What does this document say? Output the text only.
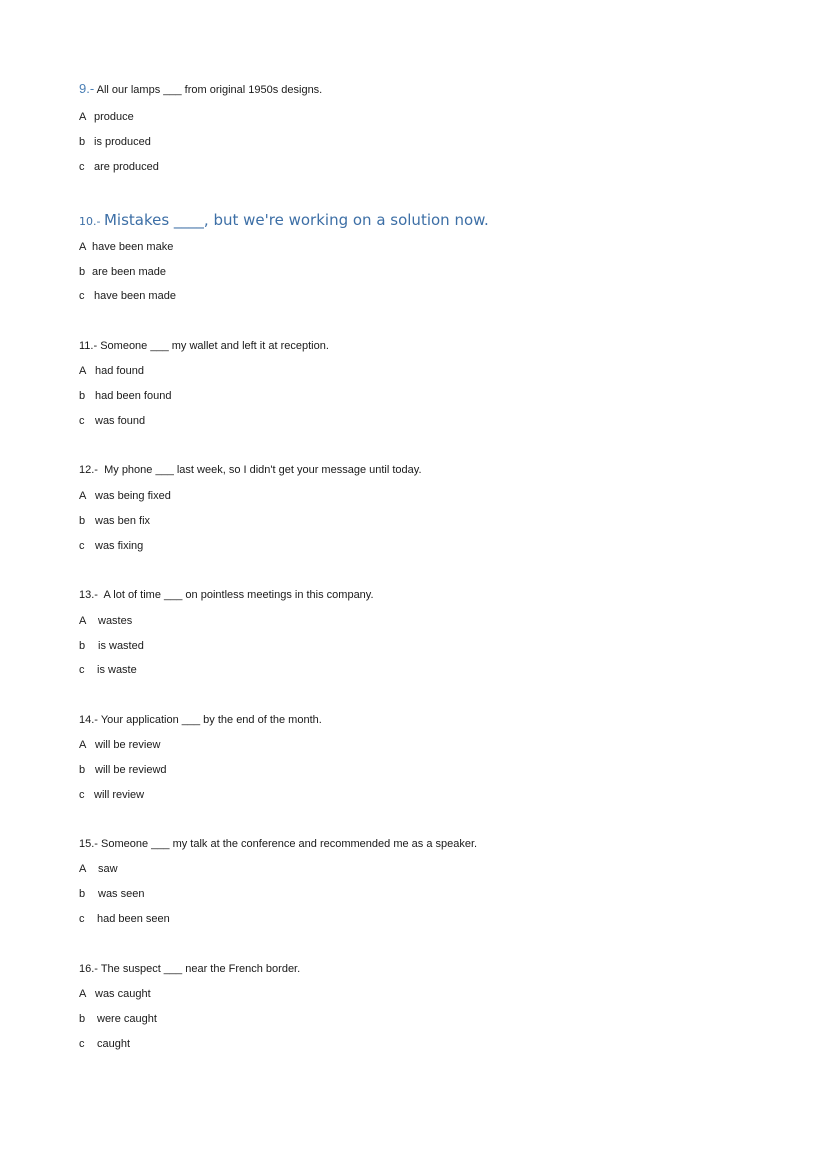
9.- All our lamps ___ from original 1950s designs.
A produce
b is produced
c are produced
10.- Mistakes ____, but we're working on a solution now.
A have been make
b are been made
c have been made
11.- Someone ___ my wallet and left it at reception.
A had found
b had been found
c was found
12.- My phone ___ last week, so I didn't get your message until today.
A was being fixed
b was ben fix
c was fixing
13.- A lot of time ___ on pointless meetings in this company.
A wastes
b is wasted
c is waste
14.- Your application ___ by the end of the month.
A will be review
b will be reviewd
c will review
15.- Someone ___ my talk at the conference and recommended me as a speaker.
A saw
b was seen
c had been seen
16.- The suspect ___ near the French border.
A was caught
b were caught
c caught
